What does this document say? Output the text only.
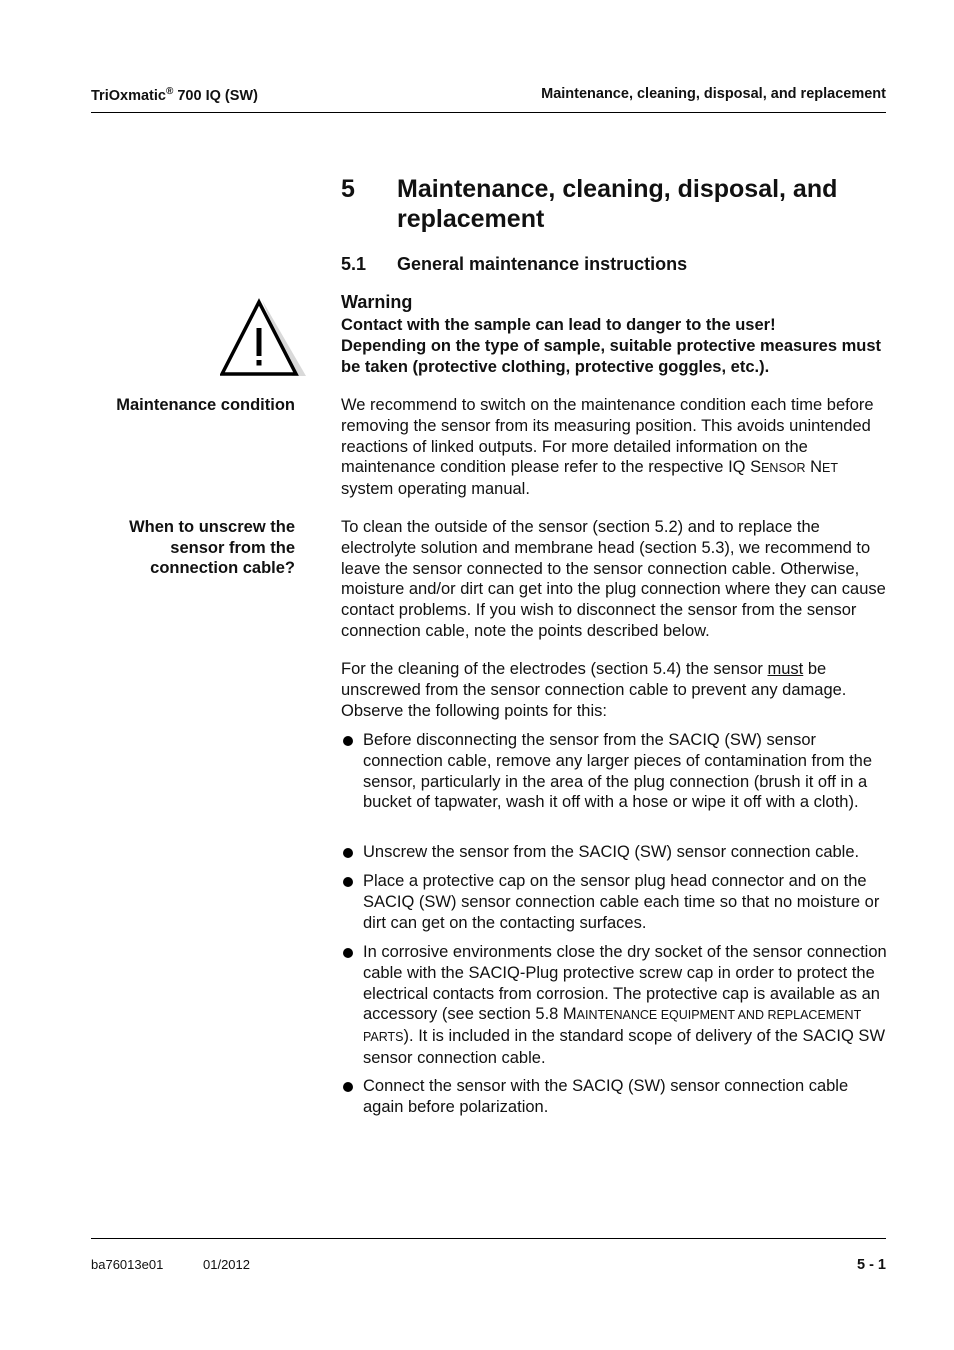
TriOxmatic® 700 IQ (SW)	Maintenance, cleaning, disposal, and replacement
5 Maintenance, cleaning, disposal, and replacement
5.1 General maintenance instructions
Warning

Contact with the sample can lead to danger to the user!

Depending on the type of sample, suitable protective measures must be taken (protective clothing, protective goggles, etc.).

Maintenance condition	We recommend to switch on the maintenance condition each time before removing the sensor from its measuring position. This avoids unintended reactions of linked outputs. For more detailed information on the maintenance condition please refer to the respective IQ SENSOR NET system operating manual.

When to unscrew the
sensor from the
connection cable?
To clean the outside of the sensor (section 5.2) and to replace the electrolyte solution and membrane head (section 5.3), we recommend to leave the sensor connected to the sensor connection cable. Otherwise, moisture and/or dirt can get into the plug connection where they can cause contact problems. If you wish to disconnect the sensor from the sensor connection cable, note the points described below.

For the cleaning of the electrodes (section 5.4) the sensor must be unscrewed from the sensor connection cable to prevent any damage. Observe the following points for this:

Before disconnecting the sensor from the SACIQ (SW) sensor connection cable, remove any larger pieces of contamination from the sensor, particularly in the area of the plug connection (brush it off in a bucket of tapwater, wash it off with a hose or wipe it off with a cloth).
Unscrew the sensor from the SACIQ (SW) sensor connection cable.
Place a protective cap on the sensor plug head connector and on the SACIQ (SW) sensor connection cable each time so that no moisture or dirt can get on the contacting surfaces.
In corrosive environments close the dry socket of the sensor connection cable with the SACIQ-Plug protective screw cap in order to protect the electrical contacts from corrosion. The protective cap is available as an accessory (see section 5.8 MAINTENANCE EQUIPMENT AND REPLACEMENT PARTS). It is included in the standard scope of delivery of the SACIQ SW sensor connection cable.
Connect the sensor with the SACIQ (SW) sensor connection cable again before polarization.
ba76013e01	01/2012	5 - 1
